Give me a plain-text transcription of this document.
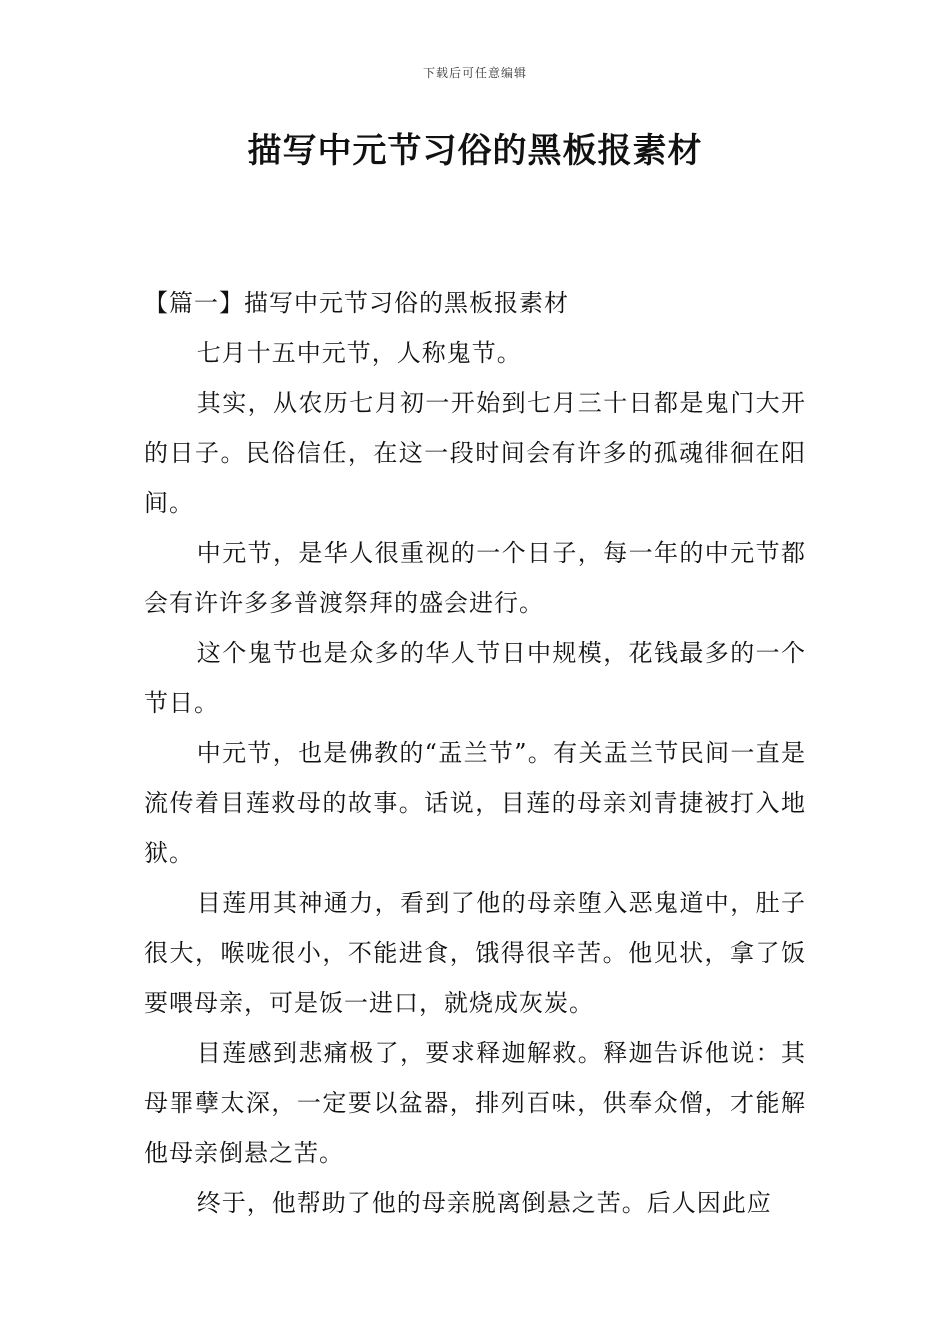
下载后可任意编辑
描写中元节习俗的黑板报素材

【篇一】描写中元节习俗的黑板报素材

七月十五中元节，人称鬼节。

其实，从农历七月初一开始到七月三十日都是鬼门大开的日子。民俗信任，在这一段时间会有许多的孤魂徘徊在阳间。

中元节，是华人很重视的一个日子，每一年的中元节都会有许许多多普渡祭拜的盛会进行。

这个鬼节也是众多的华人节日中规模，花钱最多的一个节日。

中元节，也是佛教的“盂兰节”。有关盂兰节民间一直是流传着目莲救母的故事。话说，目莲的母亲刘青捷被打入地狱。

目莲用其神通力，看到了他的母亲堕入恶鬼道中，肚子很大，喉咙很小，不能进食，饿得很辛苦。他见状，拿了饭要喂母亲，可是饭一进口，就烧成灰炭。

目莲感到悲痛极了，要求释迦解救。释迦告诉他说：其母罪孽太深，一定要以盆器，排列百味，供奉众僧，才能解他母亲倒悬之苦。

终于，他帮助了他的母亲脱离倒悬之苦。后人因此应
